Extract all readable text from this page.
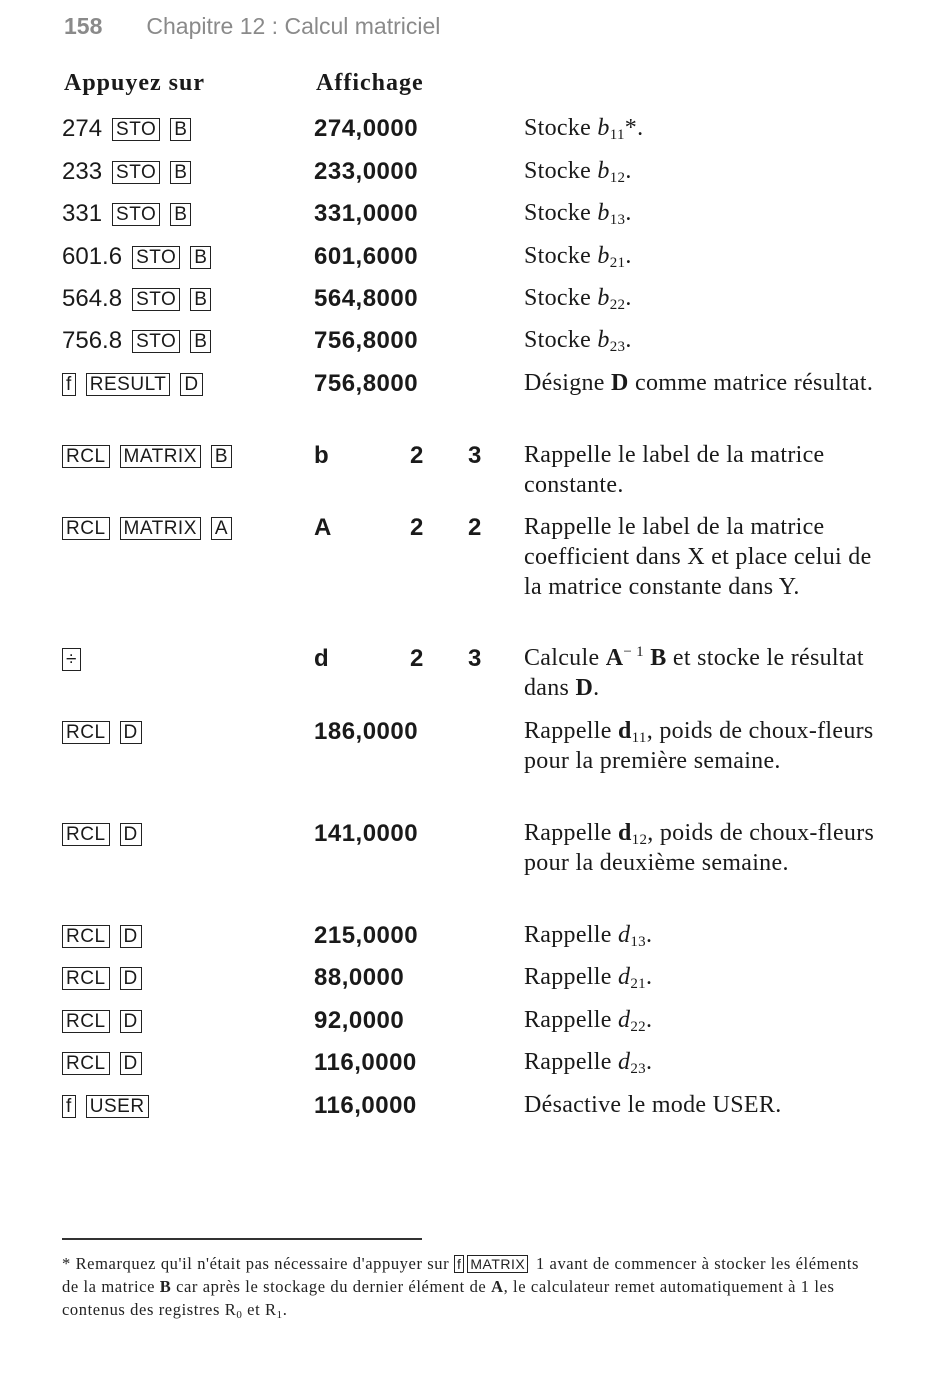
158 Chapitre 12 : Calcul matriciel
Appuyez sur	Affichage
274 STO B	274,0000	Stocke $b_{11}*$.
233 STO B	233,0000	Stocke $b_{12}$.
331 STO B	331,0000	Stocke $b_{13}$.
601.6 STO B	601,6000	Stocke $b_{21}$.
564.8 STO B	564,8000	Stocke $b_{22}$.
756.8 STO B	756,8000	Stocke $b_{23}$.
f RESULT D	756,8000	Désigne D comme matrice résultat.
RCL MATRIX B	b	2	3 Rappelle le label de la matrice constante.
RCL MATRIX A	A	2	2 Rappelle le label de la matrice coefficient dans X et place celui de la matrice constante dans Y.
÷	d	2	3 Calcule $A^{- 1}$ B et stocke le résultat dans D.
RCL D	186,0000	Rappelle $d_{11}$, poids de choux-fleurs pour la première semaine.
RCL D	141,0000	Rappelle $d_{12}$, poids de choux-fleurs pour la deuxième semaine.
RCL D	215,0000	Rappelle $d_{13}$.
RCL D	88,0000	Rappelle $d_{21}$.
RCL D	92,0000	Rappelle $d_{22}$.
RCL D	116,0000	Rappelle $d_{23}$.
f USER	116,0000	Désactive le mode USER.
* Remarquez qu'il n'était pas nécessaire d'appuyer sur f MATRIX 1 avant de commencer à stocker les éléments de la matrice B car après le stockage du dernier élément de A, le calculateur remet automatiquement à 1 les contenus des registres $R_0$ et $R_1$.
